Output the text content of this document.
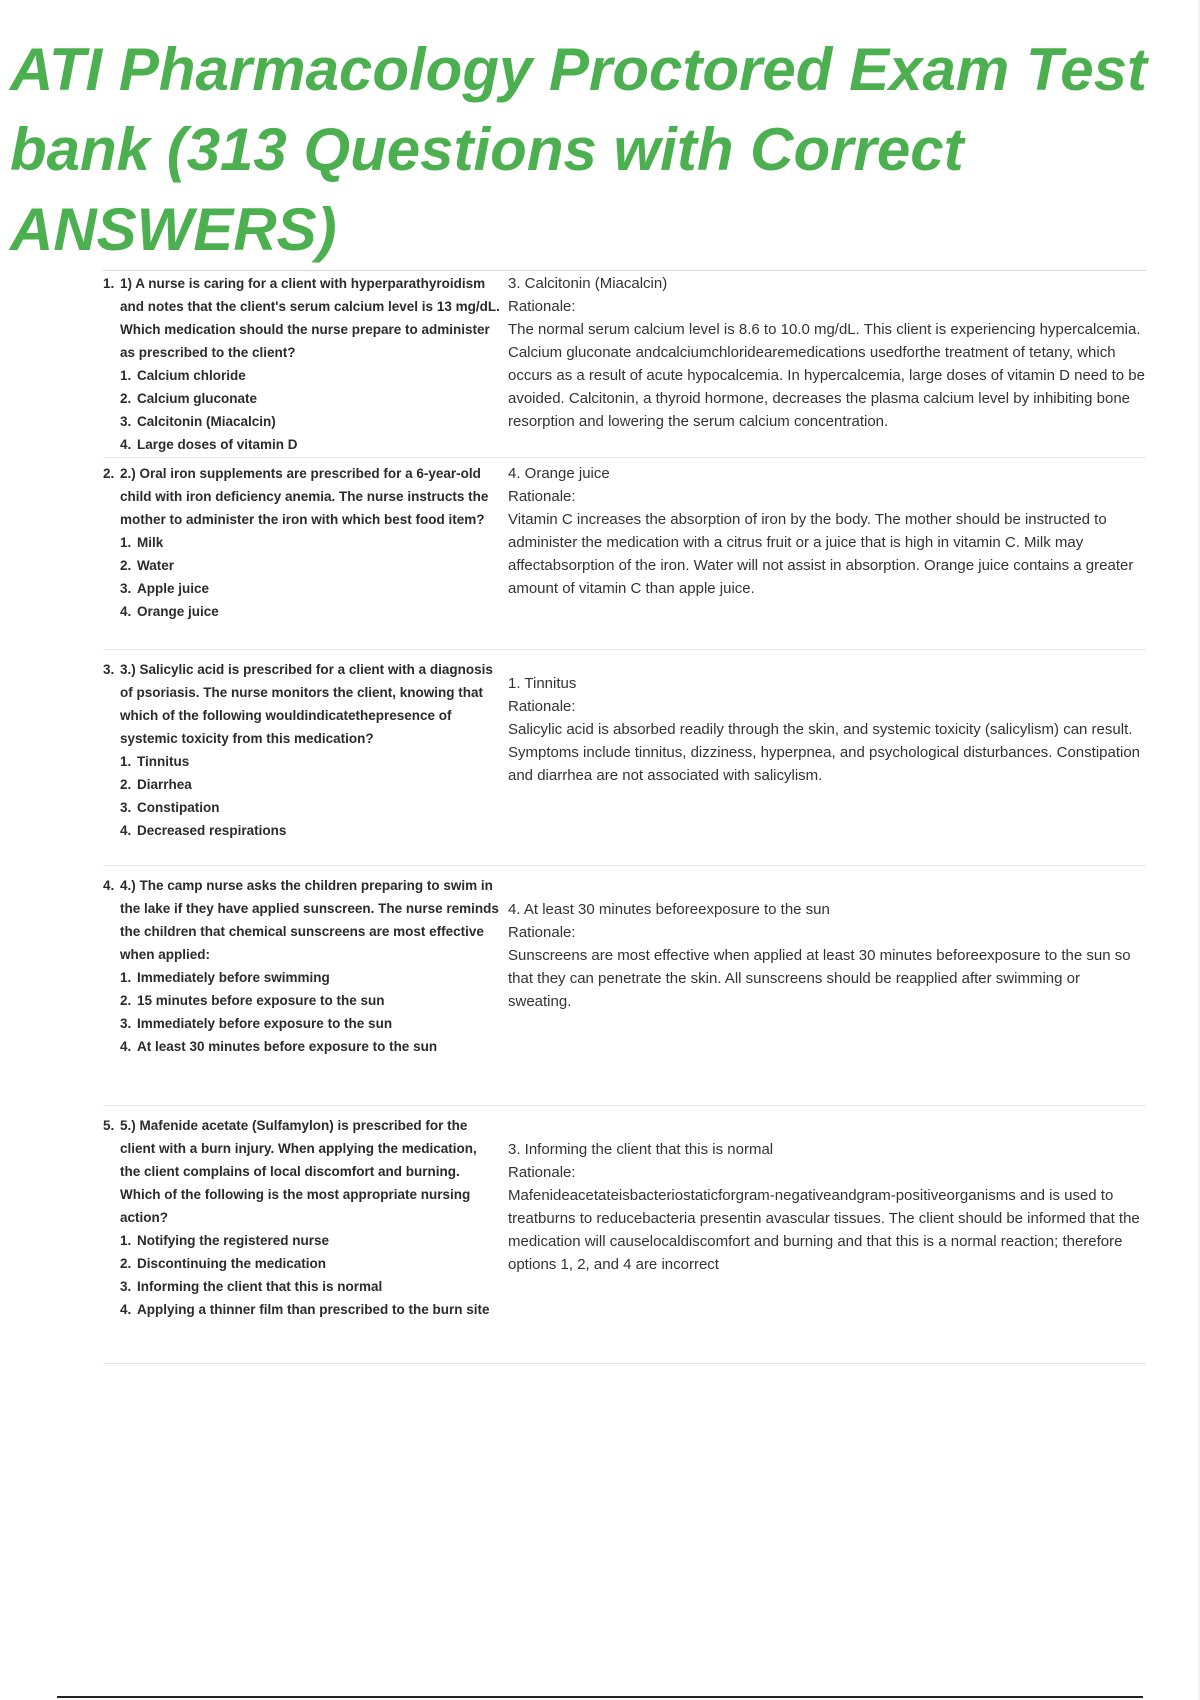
ATI Pharmacology Proctored Exam Test
bank (313 Questions with Correct
ANSWERS)
1. 1) A nurse is caring for a client with hyperparathyroidism and notes that the client's serum calcium level is 13 mg/dL. Which medication should the nurse prepare to administer as prescribed to the client?
1. Calcium chloride
2. Calcium gluconate
3. Calcitonin (Miacalcin)
4. Large doses of vitamin D
3. Calcitonin (Miacalcin)
Rationale:
The normal serum calcium level is 8.6 to 10.0 mg/dL. This client is experiencing hypercalcemia. Calcium gluconate andcalciumchloridearemedications usedforthe treatment of tetany, which occurs as a result of acute hypocalcemia. In hypercalcemia, large doses of vitamin D need to be avoided. Calcitonin, a thyroid hormone, decreases the plasma calcium level by inhibiting bone resorption and lowering the serum calcium concentration.
2. 2.) Oral iron supplements are prescribed for a 6-year-old child with iron deficiency anemia. The nurse instructs the mother to administer the iron with which best food item?
1. Milk
2. Water
3. Apple juice
4. Orange juice
4. Orange juice
Rationale:
Vitamin C increases the absorption of iron by the body. The mother should be instructed to administer the medication with a citrus fruit or a juice that is high in vitamin C. Milk may affectabsorption of the iron. Water will not assist in absorption. Orange juice contains a greater amount of vitamin C than apple juice.
3. 3.) Salicylic acid is prescribed for a client with a diagnosis of psoriasis. The nurse monitors the client, knowing that which of the following wouldindicatethepresence of systemic toxicity from this medication?
1. Tinnitus
2. Diarrhea
3. Constipation
4. Decreased respirations
1. Tinnitus
Rationale:
Salicylic acid is absorbed readily through the skin, and systemic toxicity (salicylism) can result. Symptoms include tinnitus, dizziness, hyperpnea, and psychological disturbances. Constipation and diarrhea are not associated with salicylism.
4. 4.) The camp nurse asks the children preparing to swim in the lake if they have applied sunscreen. The nurse reminds the children that chemical sunscreens are most effective when applied:
1. Immediately before swimming
2. 15 minutes before exposure to the sun
3. Immediately before exposure to the sun
4. At least 30 minutes before exposure to the sun
4. At least 30 minutes beforeexposure to the sun
Rationale:
Sunscreens are most effective when applied at least 30 minutes beforeexposure to the sun so that they can penetrate the skin. All sunscreens should be reapplied after swimming or sweating.
5. 5.) Mafenide acetate (Sulfamylon) is prescribed for the client with a burn injury. When applying the medication, the client complains of local discomfort and burning. Which of the following is the most appropriate nursing action?
1. Notifying the registered nurse
2. Discontinuing the medication
3. Informing the client that this is normal
4. Applying a thinner film than prescribed to the burn site
3. Informing the client that this is normal
Rationale:
Mafenideacetateisbacteriostaticforgram-negativeandgram-positiveorganisms and is used to treatburns to reducebacteria presentin avascular tissues. The client should be informed that the medication will causelocaldiscomfort and burning and that this is a normal reaction; therefore options 1, 2, and 4 are incorrect
